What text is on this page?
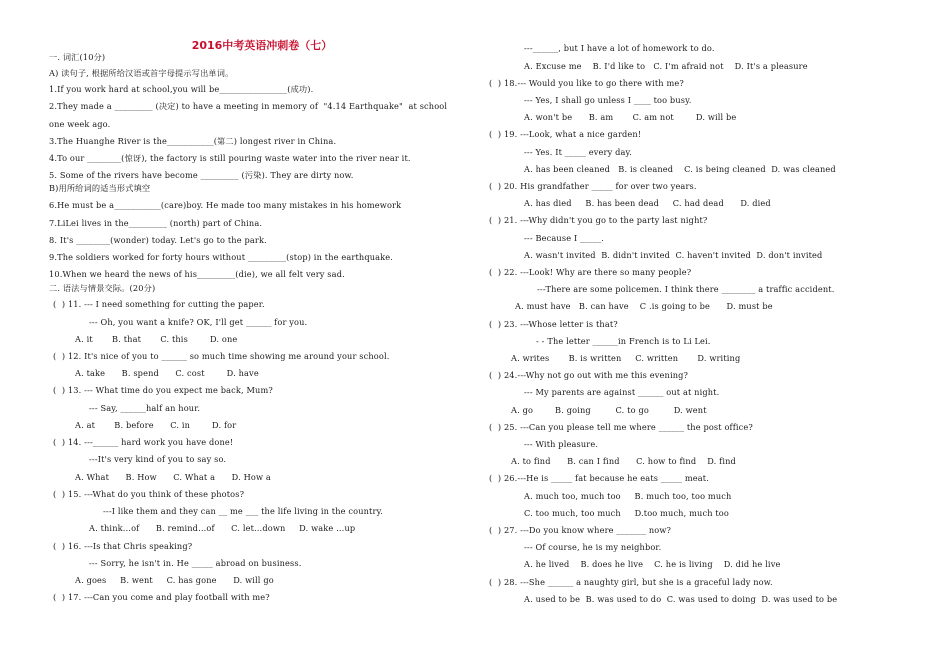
2016中考英语冲刺卷（七）
一. 词汇(10分)
A) 读句子, 根据所给汉语或首字母提示写出单词。
1.If you work hard at school,you will be________________(成功).
2.They made a _________ (决定) to have a meeting in memory of  "4.14 Earthquake"  at school
one week ago.
3.The Huanghe River is the___________(第二) longest river in China.
4.To our ________(惊讶), the factory is still pouring waste water into the river near it.
5. Some of the rivers have become _________ (污染). They are dirty now.
B)用所给词的适当形式填空
6.He must be a___________(care)boy. He made too many mistakes in his homework
7.LiLei lives in the_________ (north) part of China.
8. It's ________(wonder) today. Let's go to the park.
9.The soldiers worked for forty hours without _________(stop) in the earthquake.
10.When we heard the news of his_________(die), we all felt very sad.
二. 语法与情景交际。(20分)
(  ) 11. --- I need something for cutting the paper.
--- Oh, you want a knife? OK, I'll get ______ for you.
A. it       B. that       C. this        D. one
(  ) 12. It's nice of you to ______ so much time showing me around your school.
A. take      B. spend      C. cost        D. have
(  ) 13. --- What time do you expect me back, Mum?
--- Say, ______half an hour.
A. at       B. before      C. in        D. for
(  ) 14. ---______ hard work you have done!
---It's very kind of you to say so.
A. What      B. How      C. What a      D. How a
(  ) 15. ---What do you think of these photos?
---I like them and they can __ me ___ the life living in the country.
A. think…of      B. remind…of      C. let…down     D. wake …up
(  ) 16. ---Is that Chris speaking?
--- Sorry, he isn't in. He _____ abroad on business.
A. goes     B. went     C. has gone      D. will go
(  ) 17. ---Can you come and play football with me?
---______, but I have a lot of homework to do.
A. Excuse me    B. I'd like to   C. I'm afraid not    D. It's a pleasure
(  ) 18.--- Would you like to go there with me?
--- Yes, I shall go unless I ____ too busy.
A. won't be      B. am       C. am not        D. will be
(  ) 19. ---Look, what a nice garden!
--- Yes. It _____ every day.
A. has been cleaned   B. is cleaned    C. is being cleaned  D. was cleaned
(  ) 20. His grandfather _____ for over two years.
A. has died     B. has been dead     C. had dead      D. died
(  ) 21. ---Why didn't you go to the party last night?
--- Because I _____.
A. wasn't invited  B. didn't invited  C. haven't invited  D. don't invited
(  ) 22. ---Look! Why are there so many people?
---There are some policemen. I think there ________ a traffic accident.
A. must have   B. can have    C .is going to be      D. must be
(  ) 23. ---Whose letter is that?
- - The letter ______in French is to Li Lei.
A. writes       B. is written     C. written       D. writing
(  ) 24.---Why not go out with me this evening?
--- My parents are against ______ out at night.
A. go        B. going         C. to go         D. went
(  ) 25. ---Can you please tell me where ______ the post office?
--- With pleasure.
A. to find      B. can I find      C. how to find    D. find
(  ) 26.---He is _____ fat because he eats _____ meat.
A. much too, much too     B. much too, too much
C. too much, too much     D.too much, much too
(  ) 27. ---Do you know where _______ now?
--- Of course, he is my neighbor.
A. he lived    B. does he live    C. he is living    D. did he live
(  ) 28. ---She ______ a naughty girl, but she is a graceful lady now.
A. used to be  B. was used to do  C. was used to doing  D. was used to be
